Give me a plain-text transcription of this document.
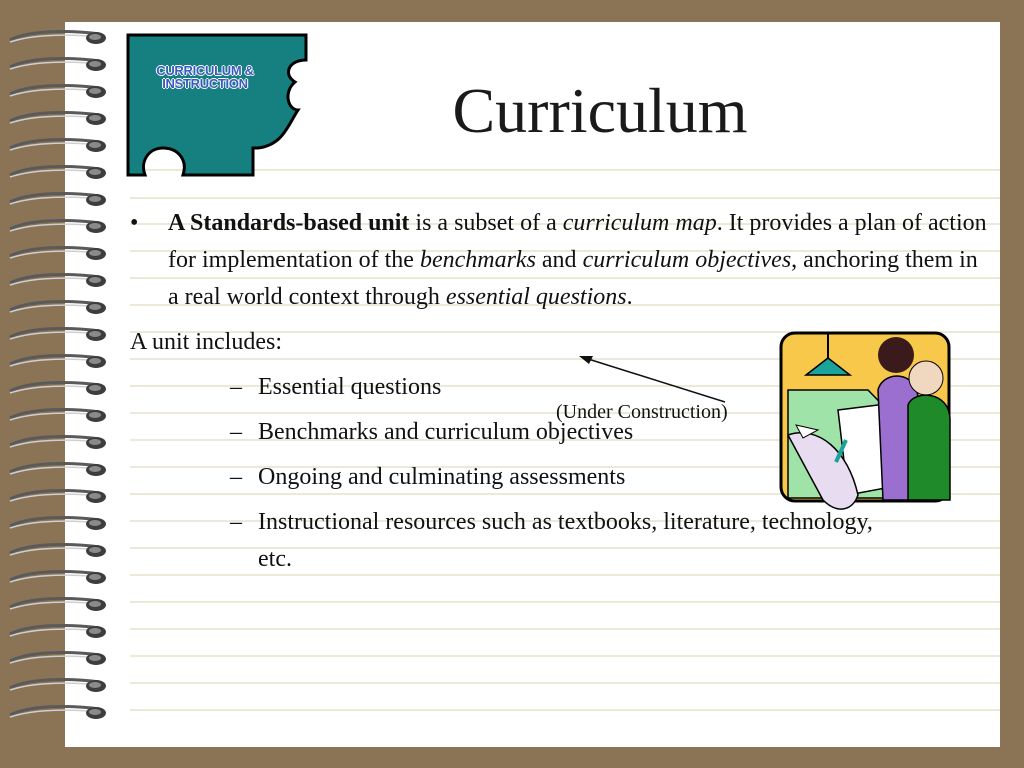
CURRICULUM & INSTRUCTION	Curriculum
• A Standards-based unit is a subset of a curriculum map. It provides a plan of action for implementation of the benchmarks and curriculum objectives, anchoring them in a real world context through essential questions.
A unit includes:
– Essential questions
– Benchmarks and curriculum objectives
– Ongoing and culminating assessments
– Instructional resources such as textbooks, literature, technology, etc.
(Under Construction)
